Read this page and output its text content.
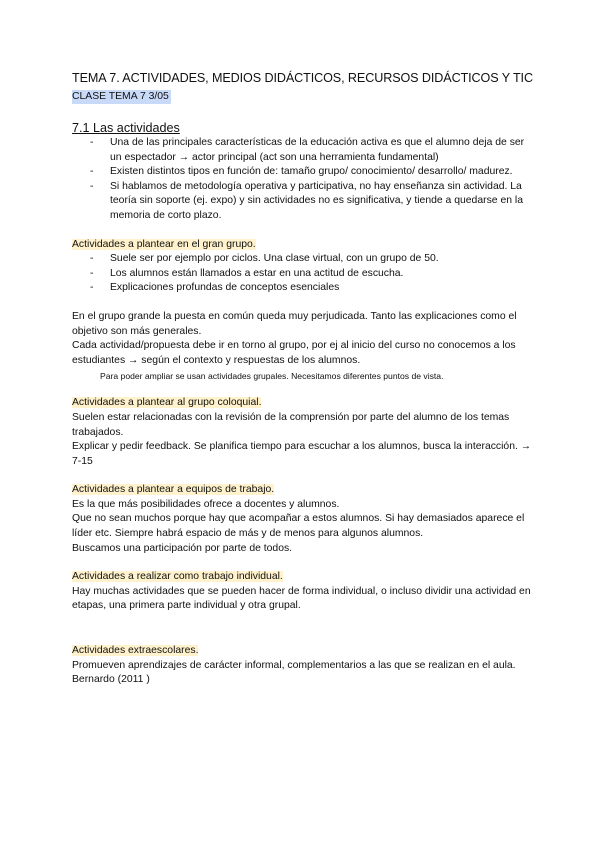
TEMA 7. ACTIVIDADES, MEDIOS DIDÁCTICOS, RECURSOS DIDÁCTICOS Y TIC

CLASE TEMA 7 3/05

7.1 Las actividades

- Una de las principales características de la educación activa es que el alumno deja de ser un espectador → actor principal (act son una herramienta fundamental)
- Existen distintos tipos en función de: tamaño grupo/ conocimiento/ desarrollo/ madurez.
- Si hablamos de metodología operativa y participativa, no hay enseñanza sin actividad. La teoría sin soporte (ej. expo) y sin actividades no es significativa, y tiende a quedarse en la memoria de corto plazo.

Actividades a plantear en el gran grupo.

- Suele ser por ejemplo por ciclos. Una clase virtual, con un grupo de 50.
- Los alumnos están llamados a estar en una actitud de escucha.
- Explicaciones profundas de conceptos esenciales

En el grupo grande la puesta en común queda muy perjudicada. Tanto las explicaciones como el objetivo son más generales.

Cada actividad/propuesta debe ir en torno al grupo, por ej al inicio del curso no conocemos a los estudiantes → según el contexto y respuestas de los alumnos.

Para poder ampliar se usan actividades grupales. Necesitamos diferentes puntos de vista.

Actividades a plantear al grupo coloquial.

Suelen estar relacionadas con la revisión de la comprensión por parte del alumno de los temas trabajados.

Explicar y pedir feedback. Se planifica tiempo para escuchar a los alumnos, busca la interacción. → 7-15

Actividades a plantear a equipos de trabajo.

Es la que más posibilidades ofrece a docentes y alumnos.

Que no sean muchos porque hay que acompañar a estos alumnos. Si hay demasiados aparece el líder etc. Siempre habrá espacio de más y de menos para algunos alumnos.

Buscamos una participación por parte de todos.

Actividades a realizar como trabajo individual.

Hay muchas actividades que se pueden hacer de forma individual, o incluso dividir una actividad en etapas, una primera parte individual y otra grupal.

Actividades extraescolares.

Promueven aprendizajes de carácter informal, complementarios a las que se realizan en el aula.

Bernardo (2011 )
